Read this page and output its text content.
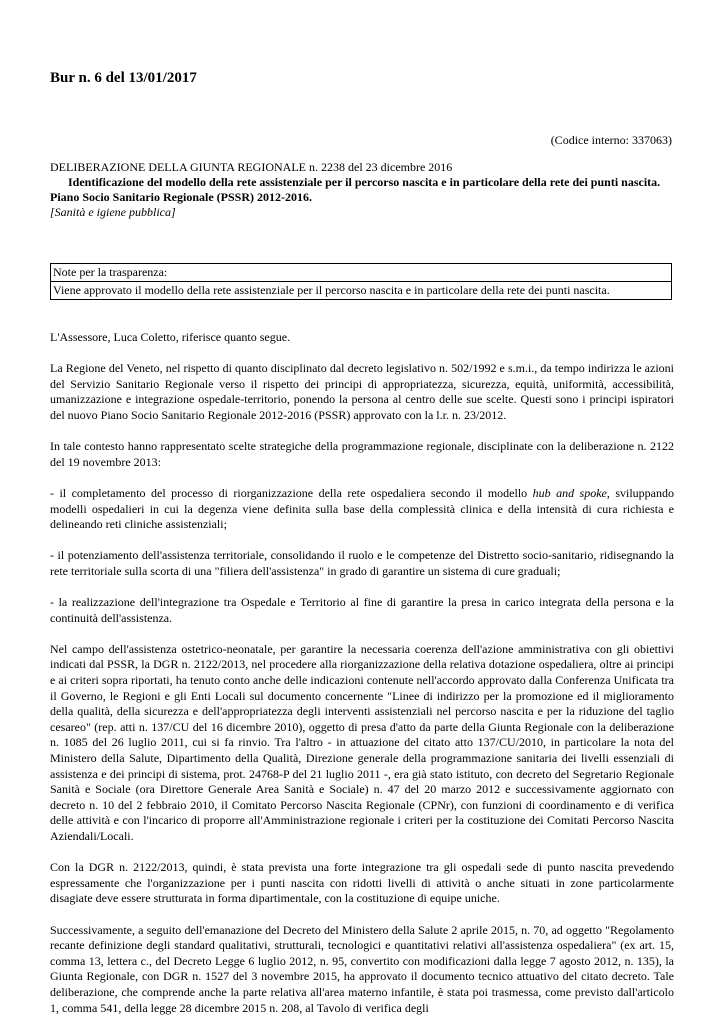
Bur n. 6 del 13/01/2017
(Codice interno: 337063)
DELIBERAZIONE DELLA GIUNTA REGIONALE n. 2238 del 23 dicembre 2016
Identificazione del modello della rete assistenziale per il percorso nascita e in particolare della rete dei punti nascita. Piano Socio Sanitario Regionale (PSSR) 2012-2016.
[Sanità e igiene pubblica]
Note per la trasparenza:
Viene approvato il modello della rete assistenziale per il percorso nascita e in particolare della rete dei punti nascita.

L'Assessore, Luca Coletto, riferisce quanto segue.

La Regione del Veneto, nel rispetto di quanto disciplinato dal decreto legislativo n. 502/1992 e s.m.i., da tempo indirizza le azioni del Servizio Sanitario Regionale verso il rispetto dei principi di appropriatezza, sicurezza, equità, uniformità, accessibilità, umanizzazione e integrazione ospedale-territorio, ponendo la persona al centro delle sue scelte. Questi sono i principi ispiratori del nuovo Piano Socio Sanitario Regionale 2012-2016 (PSSR) approvato con la l.r. n. 23/2012.

In tale contesto hanno rappresentato scelte strategiche della programmazione regionale, disciplinate con la deliberazione n. 2122 del 19 novembre 2013:

- il completamento del processo di riorganizzazione della rete ospedaliera secondo il modello hub and spoke, sviluppando modelli ospedalieri in cui la degenza viene definita sulla base della complessità clinica e della intensità di cura richiesta e delineando reti cliniche assistenziali;

- il potenziamento dell'assistenza territoriale, consolidando il ruolo e le competenze del Distretto socio-sanitario, ridisegnando la rete territoriale sulla scorta di una "filiera dell'assistenza" in grado di garantire un sistema di cure graduali;

- la realizzazione dell'integrazione tra Ospedale e Territorio al fine di garantire la presa in carico integrata della persona e la continuità dell'assistenza.

Nel campo dell'assistenza ostetrico-neonatale, per garantire la necessaria coerenza dell'azione amministrativa con gli obiettivi indicati dal PSSR, la DGR n. 2122/2013, nel procedere alla riorganizzazione della relativa dotazione ospedaliera, oltre ai principi e ai criteri sopra riportati, ha tenuto conto anche delle indicazioni contenute nell'accordo approvato dalla Conferenza Unificata tra il Governo, le Regioni e gli Enti Locali sul documento concernente "Linee di indirizzo per la promozione ed il miglioramento della qualità, della sicurezza e dell'appropriatezza degli interventi assistenziali nel percorso nascita e per la riduzione del taglio cesareo" (rep. atti n. 137/CU del 16 dicembre 2010), oggetto di presa d'atto da parte della Giunta Regionale con la deliberazione n. 1085 del 26 luglio 2011, cui si fa rinvio. Tra l'altro - in attuazione del citato atto 137/CU/2010, in particolare la nota del Ministero della Salute, Dipartimento della Qualità, Direzione generale della programmazione sanitaria dei livelli essenziali di assistenza e dei principi di sistema, prot. 24768-P del 21 luglio 2011 -, era già stato istituto, con decreto del Segretario Regionale Sanità e Sociale (ora Direttore Generale Area Sanità e Sociale) n. 47 del 20 marzo 2012 e successivamente aggiornato con decreto n. 10 del 2 febbraio 2010, il Comitato Percorso Nascita Regionale (CPNr), con funzioni di coordinamento e di verifica delle attività e con l'incarico di proporre all'Amministrazione regionale i criteri per la costituzione dei Comitati Percorso Nascita Aziendali/Locali.

Con la DGR n. 2122/2013, quindi, è stata prevista una forte integrazione tra gli ospedali sede di punto nascita prevedendo espressamente che l'organizzazione per i punti nascita con ridotti livelli di attività o anche situati in zone particolarmente disagiate deve essere strutturata in forma dipartimentale, con la costituzione di equipe uniche.

Successivamente, a seguito dell'emanazione del Decreto del Ministero della Salute 2 aprile 2015, n. 70, ad oggetto "Regolamento recante definizione degli standard qualitativi, strutturali, tecnologici e quantitativi relativi all'assistenza ospedaliera" (ex art. 15, comma 13, lettera c., del Decreto Legge 6 luglio 2012, n. 95, convertito con modificazioni dalla legge 7 agosto 2012, n. 135), la Giunta Regionale, con DGR n. 1527 del 3 novembre 2015, ha approvato il documento tecnico attuativo del citato decreto. Tale deliberazione, che comprende anche la parte relativa all'area materno infantile, è stata poi trasmessa, come previsto dall'articolo 1, comma 541, della legge 28 dicembre 2015 n. 208, al Tavolo di verifica degli
